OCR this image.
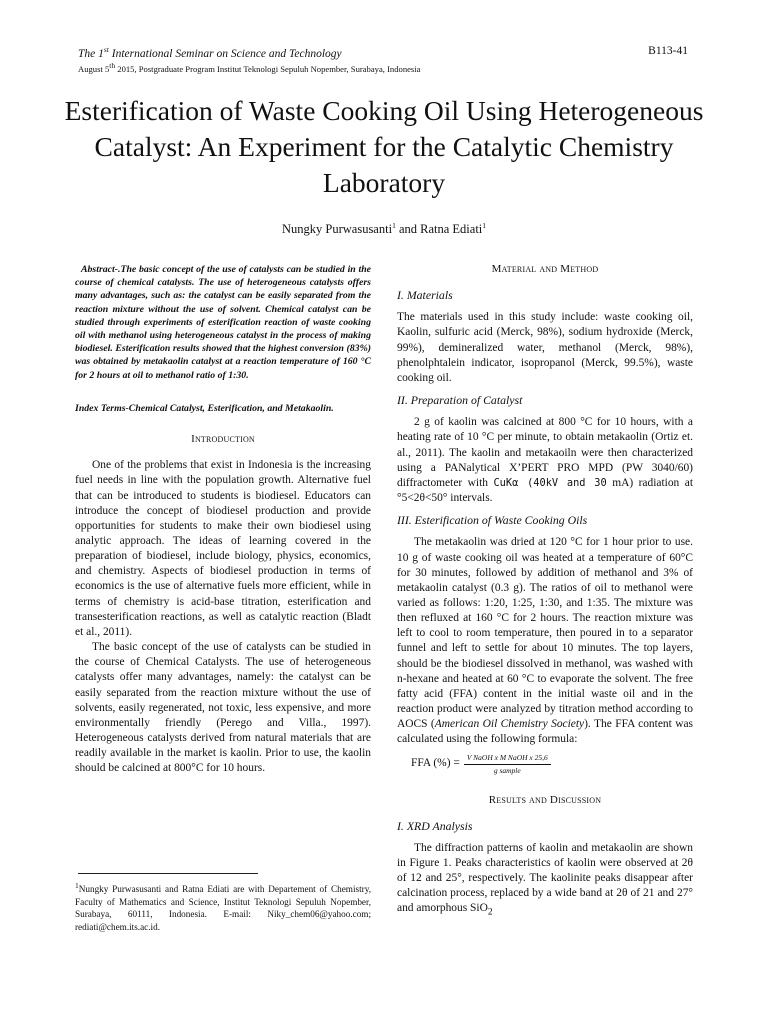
The 1st International Seminar on Science and Technology
August 5th 2015, Postgraduate Program Institut Teknologi Sepuluh Nopember, Surabaya, Indonesia
B113-41
Esterification of Waste Cooking Oil Using Heterogeneous Catalyst: An Experiment for the Catalytic Chemistry Laboratory
Nungky Purwasusanti$^1$ and Ratna Ediati$^1$

Abstract-.The basic concept of the use of catalysts can be studied in the course of chemical catalysts. The use of heterogeneous catalysts offers many advantages, such as: the catalyst can be easily separated from the reaction mixture without the use of solvent. Chemical catalyst can be studied through experiments of esterification reaction of waste cooking oil with methanol using heterogeneous catalyst in the process of making biodiesel. Esterification results showed that the highest conversion (83%) was obtained by metakaolin catalyst at a reaction temperature of 160 °C for 2 hours at oil to methanol ratio of 1:30.

Index Terms-Chemical Catalyst, Esterification, and Metakaolin.

Introduction

One of the problems that exist in Indonesia is the increasing fuel needs in line with the population growth. Alternative fuel that can be introduced to students is biodiesel. Educators can introduce the concept of biodiesel production and provide opportunities for students to make their own biodiesel using analytic approach. The ideas of learning covered in the preparation of biodiesel, include biology, physics, economics, and chemistry. Aspects of biodiesel production in terms of economics is the use of alternative fuels more efficient, while in terms of chemistry is acid-base titration, esterification and transesterification reactions, as well as catalytic reaction (Bladt et al., 2011).

The basic concept of the use of catalysts can be studied in the course of Chemical Catalysts. The use of heterogeneous catalysts offer many advantages, namely: the catalyst can be easily separated from the reaction mixture without the use of solvents, easily regenerated, not toxic, less expensive, and more environmentally friendly (Perego and Villa., 1997). Heterogeneous catalysts derived from natural materials that are readily available in the market is kaolin. Prior to use, the kaolin should be calcined at 800°C for 10 hours.

$^1$Nungky Purwasusanti and Ratna Ediati are with Departement of Chemistry, Faculty of Mathematics and Science, Institut Teknologi Sepuluh Nopember, Surabaya, 60111, Indonesia. E-mail: Niky_chem06@yahoo.com; rediati@chem.its.ac.id.
Material and Method
I. Materials

The materials used in this study include: waste cooking oil, Kaolin, sulfuric acid (Merck, 98%), sodium hydroxide (Merck, 99%), demineralized water, methanol (Merck, 98%), phenolphtalein indicator, isopropanol (Merck, 99.5%), waste cooking oil.

II. Preparation of Catalyst

2 g of kaolin was calcined at 800 °C for 10 hours, with a heating rate of 10 °C per minute, to obtain metakaolin (Ortiz et. al., 2011). The kaolin and metakaoiln were then characterized using a PANalytical X’PERT PRO MPD (PW 3040/60) diffractometer with CuKα (40kV and 30 mA) radiation at °5<2θ<50° intervals.

III. Esterification of Waste Cooking Oils

The metakaolin was dried at 120 °C for 1 hour prior to use. 10 g of waste cooking oil was heated at a temperature of 60°C for 30 minutes, followed by addition of methanol and 3% of metakaolin catalyst (0.3 g). The ratios of oil to methanol were varied as follows: 1:20, 1:25, 1:30, and 1:35. The mixture was then refluxed at 160 °C for 2 hours. The reaction mixture was left to cool to room temperature, then poured in to a separator funnel and left to settle for about 10 minutes. The top layers, should be the biodiesel dissolved in methanol, was washed with n-hexane and heated at 60 °C to evaporate the solvent. The free fatty acid (FFA) content in the initial waste oil and in the reaction product were analyzed by titration method according to AOCS (American Oil Chemistry Society). The FFA content was calculated using the following formula:

FFA (%) = $\frac{\text{V NaOH x M NaOH x 25,6}}{\text{g sample}}$
Results and Discussion
I. XRD Analysis

The diffraction patterns of kaolin and metakaolin are shown in Figure 1. Peaks characteristics of kaolin were observed at 2θ of 12 and 25°, respectively. The kaolinite peaks disappear after calcination process, replaced by a wide band at 2θ of 21 and 27° and amorphous SiO$_2$
